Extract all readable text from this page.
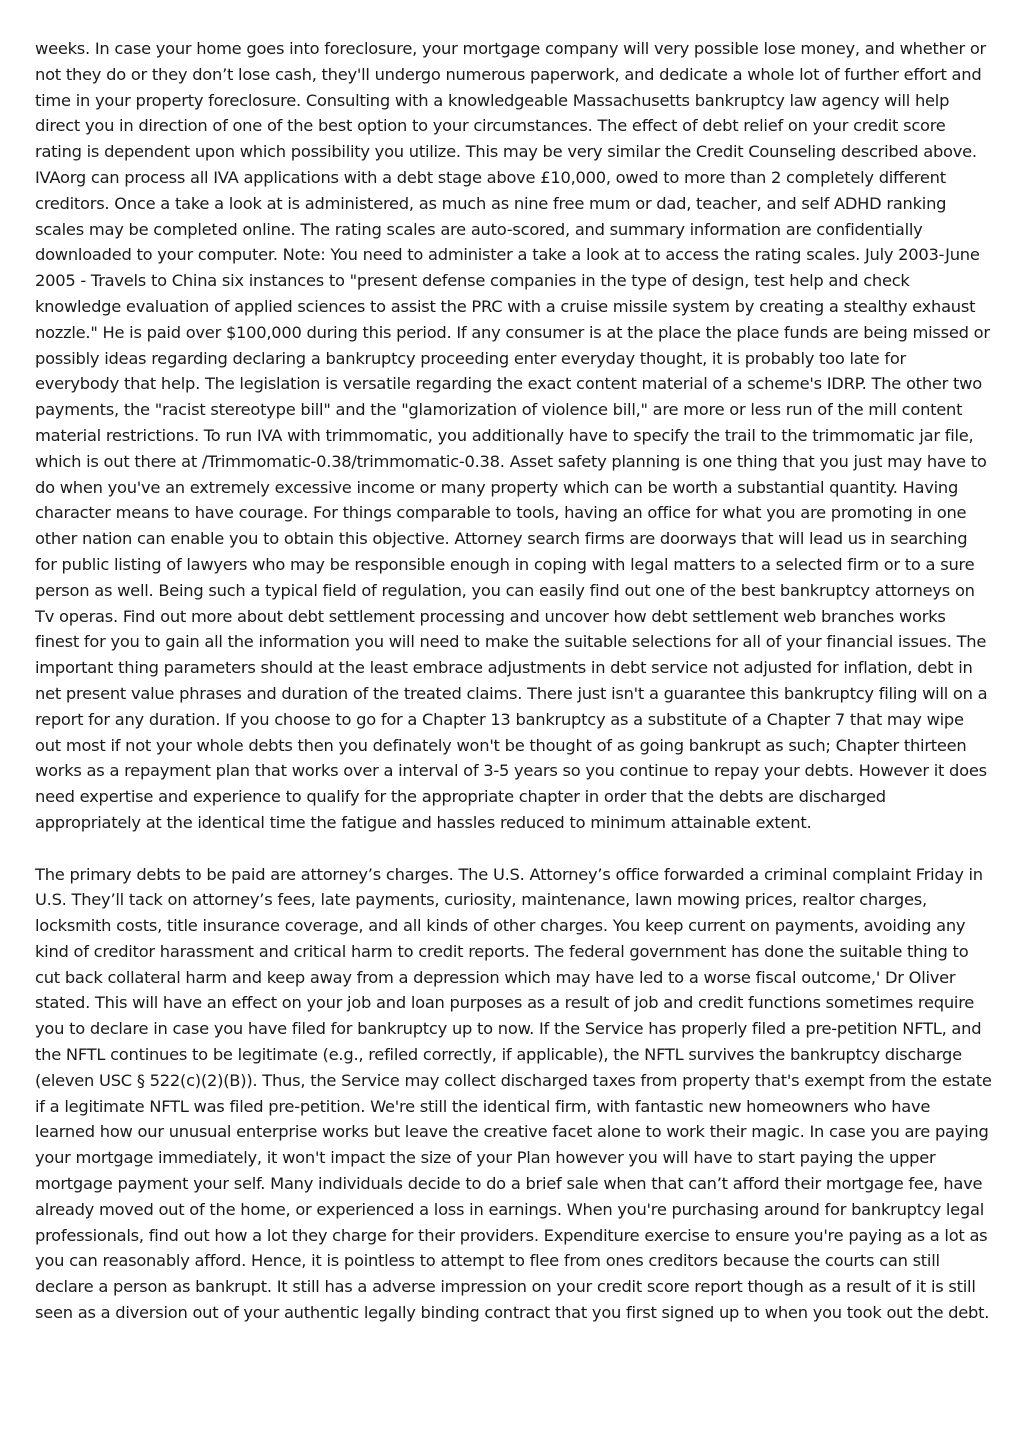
weeks. In case your home goes into foreclosure, your mortgage company will very possible lose money, and whether or not they do or they don’t lose cash, they'll undergo numerous paperwork, and dedicate a whole lot of further effort and time in your property foreclosure. Consulting with a knowledgeable Massachusetts bankruptcy law agency will help direct you in direction of one of the best option to your circumstances. The effect of debt relief on your credit score rating is dependent upon which possibility you utilize. This may be very similar the Credit Counseling described above. IVAorg can process all IVA applications with a debt stage above £10,000, owed to more than 2 completely different creditors. Once a take a look at is administered, as much as nine free mum or dad, teacher, and self ADHD ranking scales may be completed online. The rating scales are auto-scored, and summary information are confidentially downloaded to your computer. Note: You need to administer a take a look at to access the rating scales. July 2003-June 2005 - Travels to China six instances to "present defense companies in the type of design, test help and check knowledge evaluation of applied sciences to assist the PRC with a cruise missile system by creating a stealthy exhaust nozzle." He is paid over $100,000 during this period. If any consumer is at the place the place funds are being missed or possibly ideas regarding declaring a bankruptcy proceeding enter everyday thought, it is probably too late for everybody that help. The legislation is versatile regarding the exact content material of a scheme's IDRP. The other two payments, the "racist stereotype bill" and the "glamorization of violence bill," are more or less run of the mill content material restrictions. To run IVA with trimmomatic, you additionally have to specify the trail to the trimmomatic jar file, which is out there at /Trimmomatic-0.38/trimmomatic-0.38. Asset safety planning is one thing that you just may have to do when you've an extremely excessive income or many property which can be worth a substantial quantity. Having character means to have courage. For things comparable to tools, having an office for what you are promoting in one other nation can enable you to obtain this objective. Attorney search firms are doorways that will lead us in searching for public listing of lawyers who may be responsible enough in coping with legal matters to a selected firm or to a sure person as well. Being such a typical field of regulation, you can easily find out one of the best bankruptcy attorneys on Tv operas. Find out more about debt settlement processing and uncover how debt settlement web branches works finest for you to gain all the information you will need to make the suitable selections for all of your financial issues. The important thing parameters should at the least embrace adjustments in debt service not adjusted for inflation, debt in net present value phrases and duration of the treated claims. There just isn't a guarantee this bankruptcy filing will on a report for any duration. If you choose to go for a Chapter 13 bankruptcy as a substitute of a Chapter 7 that may wipe out most if not your whole debts then you definately won't be thought of as going bankrupt as such; Chapter thirteen works as a repayment plan that works over a interval of 3-5 years so you continue to repay your debts. However it does need expertise and experience to qualify for the appropriate chapter in order that the debts are discharged appropriately at the identical time the fatigue and hassles reduced to minimum attainable extent.

The primary debts to be paid are attorney’s charges. The U.S. Attorney’s office forwarded a criminal complaint Friday in U.S. They’ll tack on attorney’s fees, late payments, curiosity, maintenance, lawn mowing prices, realtor charges, locksmith costs, title insurance coverage, and all kinds of other charges. You keep current on payments, avoiding any kind of creditor harassment and critical harm to credit reports. The federal government has done the suitable thing to cut back collateral harm and keep away from a depression which may have led to a worse fiscal outcome,' Dr Oliver stated. This will have an effect on your job and loan purposes as a result of job and credit functions sometimes require you to declare in case you have filed for bankruptcy up to now. If the Service has properly filed a pre-petition NFTL, and the NFTL continues to be legitimate (e.g., refiled correctly, if applicable), the NFTL survives the bankruptcy discharge (eleven USC § 522(c)(2)(B)). Thus, the Service may collect discharged taxes from property that's exempt from the estate if a legitimate NFTL was filed pre-petition. We're still the identical firm, with fantastic new homeowners who have learned how our unusual enterprise works but leave the creative facet alone to work their magic. In case you are paying your mortgage immediately, it won't impact the size of your Plan however you will have to start paying the upper mortgage payment your self. Many individuals decide to do a brief sale when that can’t afford their mortgage fee, have already moved out of the home, or experienced a loss in earnings. When you're purchasing around for bankruptcy legal professionals, find out how a lot they charge for their providers. Expenditure exercise to ensure you're paying as a lot as you can reasonably afford. Hence, it is pointless to attempt to flee from ones creditors because the courts can still declare a person as bankrupt. It still has a adverse impression on your credit score report though as a result of it is still seen as a diversion out of your authentic legally binding contract that you first signed up to when you took out the debt.
